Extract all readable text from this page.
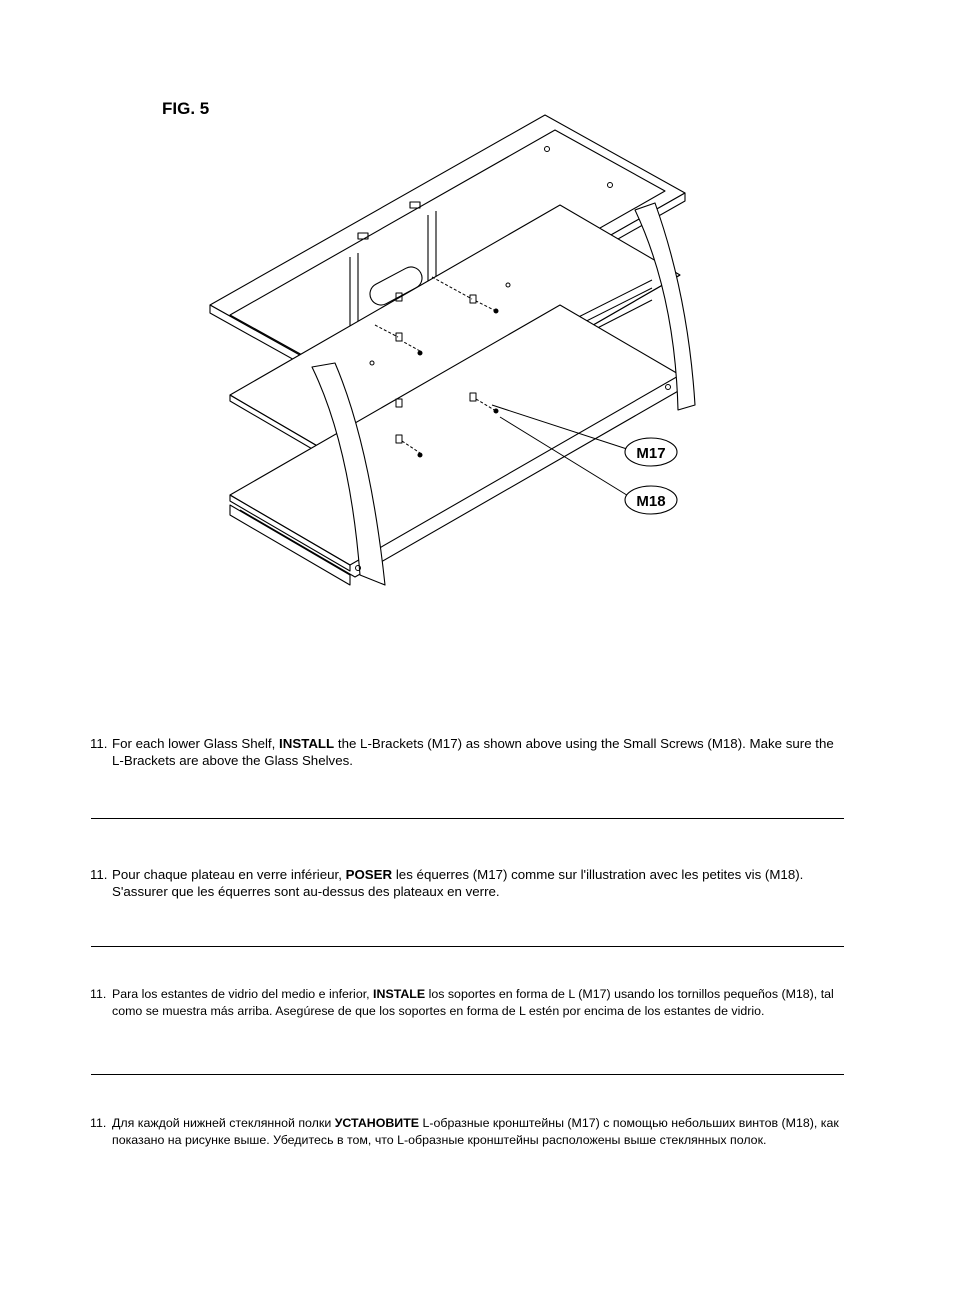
FIG. 5
M17
M18
11. For each lower Glass Shelf, INSTALL the L-Brackets (M17) as shown above using the Small Screws (M18). Make sure the L-Brackets are above the Glass Shelves.
11. Pour chaque plateau en verre inférieur, POSER les équerres (M17) comme sur l'illustration avec les petites vis (M18). S'assurer que les équerres sont au-dessus des plateaux en verre.
11. Para los estantes de vidrio del medio e inferior, INSTALE los soportes en forma de L (M17) usando los tornillos pequeños (M18), tal como se muestra más arriba. Asegúrese de que los soportes en forma de L estén por encima de los estantes de vidrio.
11. Для каждой нижней стеклянной полки УСТАНОВИТЕ L-образные кронштейны (M17) с помощью небольших винтов (M18), как показано на рисунке выше. Убедитесь в том, что L-образные кронштейны расположены выше стеклянных полок.
